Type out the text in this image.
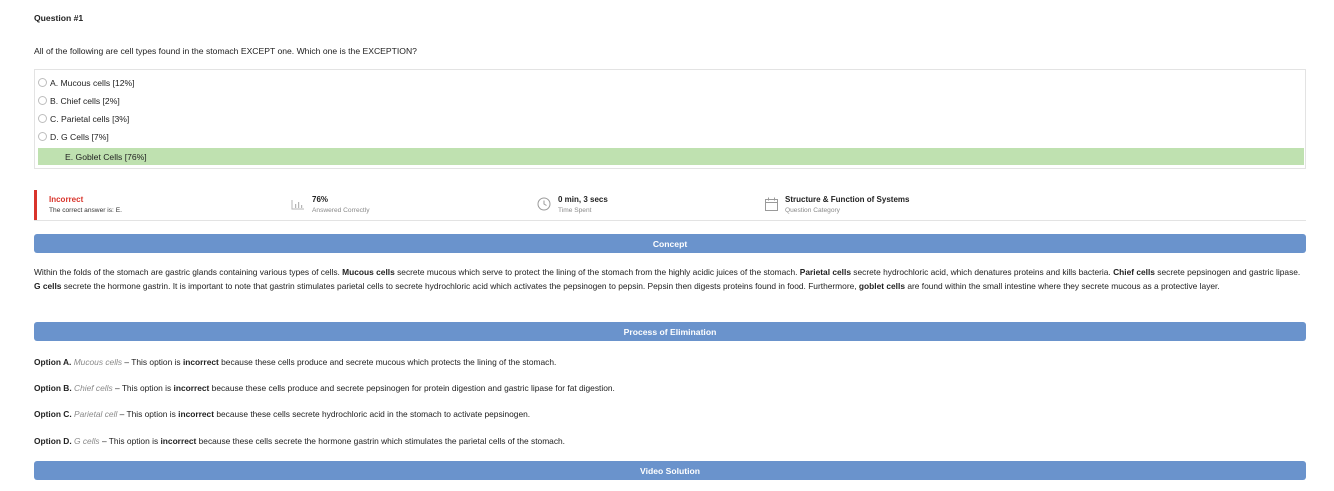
Question #1
All of the following are cell types found in the stomach EXCEPT one. Which one is the EXCEPTION?
A. Mucous cells [12%]
B. Chief cells [2%]
C. Parietal cells [3%]
D. G Cells [7%]
E. Goblet Cells [76%]
Incorrect
The correct answer is: E.
76%
Answered Correctly
0 min, 3 secs
Time Spent
Structure & Function of Systems
Question Category
Concept
Within the folds of the stomach are gastric glands containing various types of cells. Mucous cells secrete mucous which serve to protect the lining of the stomach from the highly acidic juices of the stomach. Parietal cells secrete hydrochloric acid, which denatures proteins and kills bacteria. Chief cells secrete pepsinogen and gastric lipase. G cells secrete the hormone gastrin. It is important to note that gastrin stimulates parietal cells to secrete hydrochloric acid which activates the pepsinogen to pepsin. Pepsin then digests proteins found in food. Furthermore, goblet cells are found within the small intestine where they secrete mucous as a protective layer.
Process of Elimination
Option A. Mucous cells – This option is incorrect because these cells produce and secrete mucous which protects the lining of the stomach.
Option B. Chief cells – This option is incorrect because these cells produce and secrete pepsinogen for protein digestion and gastric lipase for fat digestion.
Option C. Parietal cell – This option is incorrect because these cells secrete hydrochloric acid in the stomach to activate pepsinogen.
Option D. G cells – This option is incorrect because these cells secrete the hormone gastrin which stimulates the parietal cells of the stomach.
Video Solution
